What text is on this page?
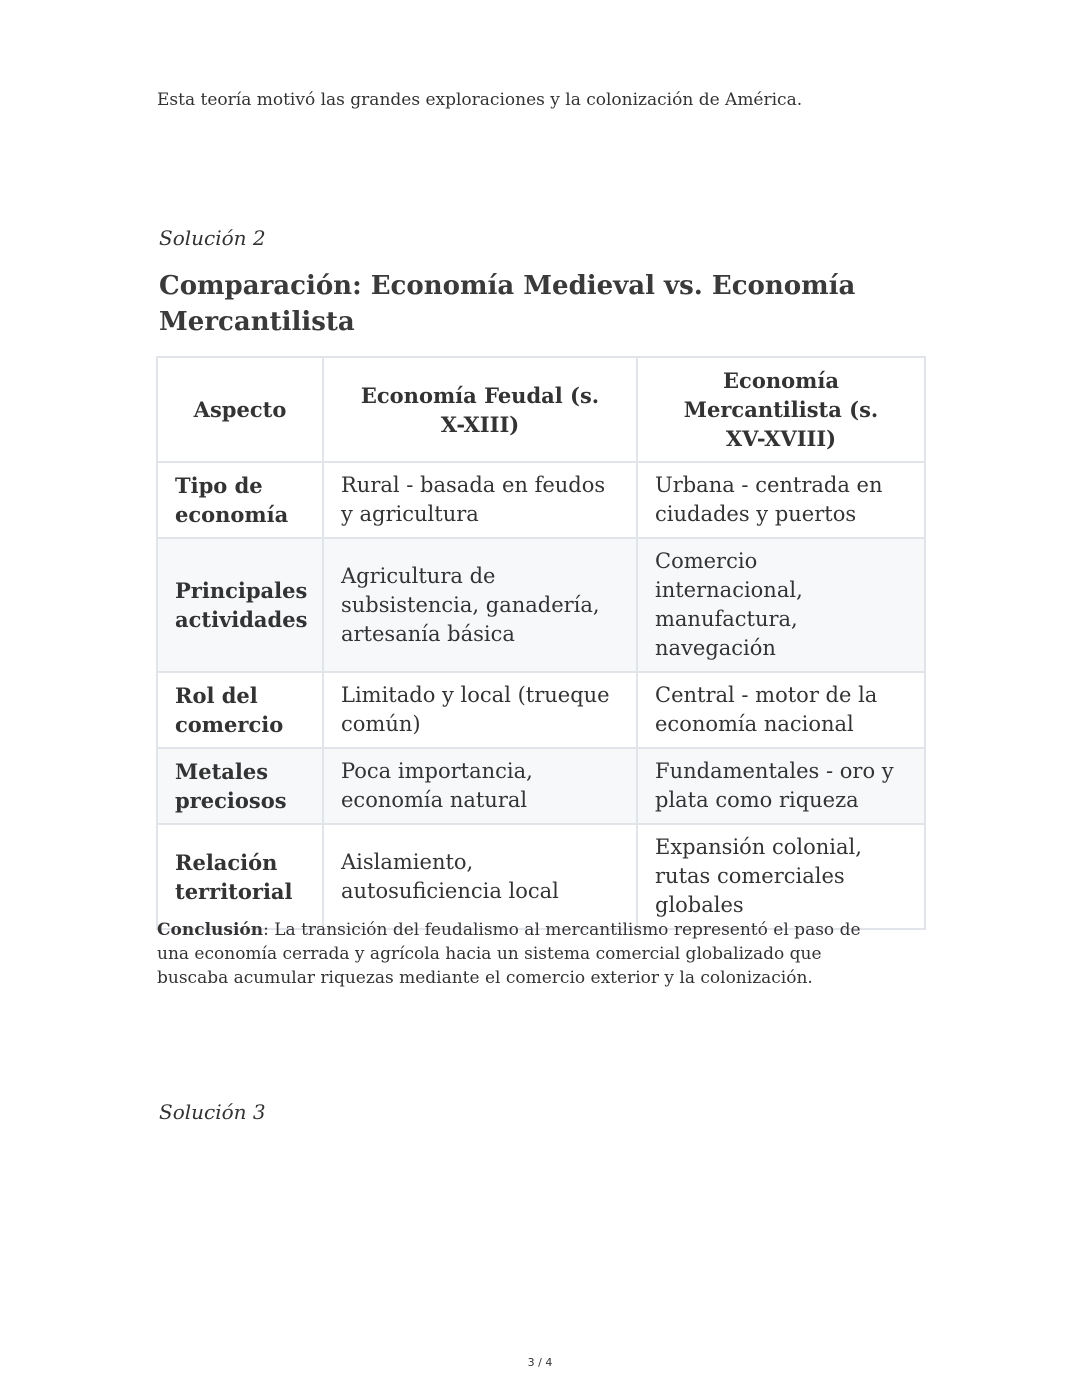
Esta teoría motivó las grandes exploraciones y la colonización de América.

Solución 2

Comparación: Economía Medieval vs. Economía Mercantilista
Aspecto	Economía Feudal (s. X-XIII)	Economía Mercantilista (s. XV-XVIII)
Tipo de economía	Rural - basada en feudos y agricultura	Urbana - centrada en ciudades y puertos
Principales actividades	Agricultura de subsistencia, ganadería, artesanía básica	Comercio internacional, manufactura, navegación
Rol del comercio	Limitado y local (trueque común)	Central - motor de la economía nacional
Metales preciosos	Poca importancia, economía natural	Fundamentales - oro y plata como riqueza
Relación territorial	Aislamiento, autosuficiencia local	Expansión colonial, rutas comerciales globales

Conclusión: La transición del feudalismo al mercantilismo representó el paso de una economía cerrada y agrícola hacia un sistema comercial globalizado que buscaba acumular riquezas mediante el comercio exterior y la colonización.

Solución 3

3 / 4
